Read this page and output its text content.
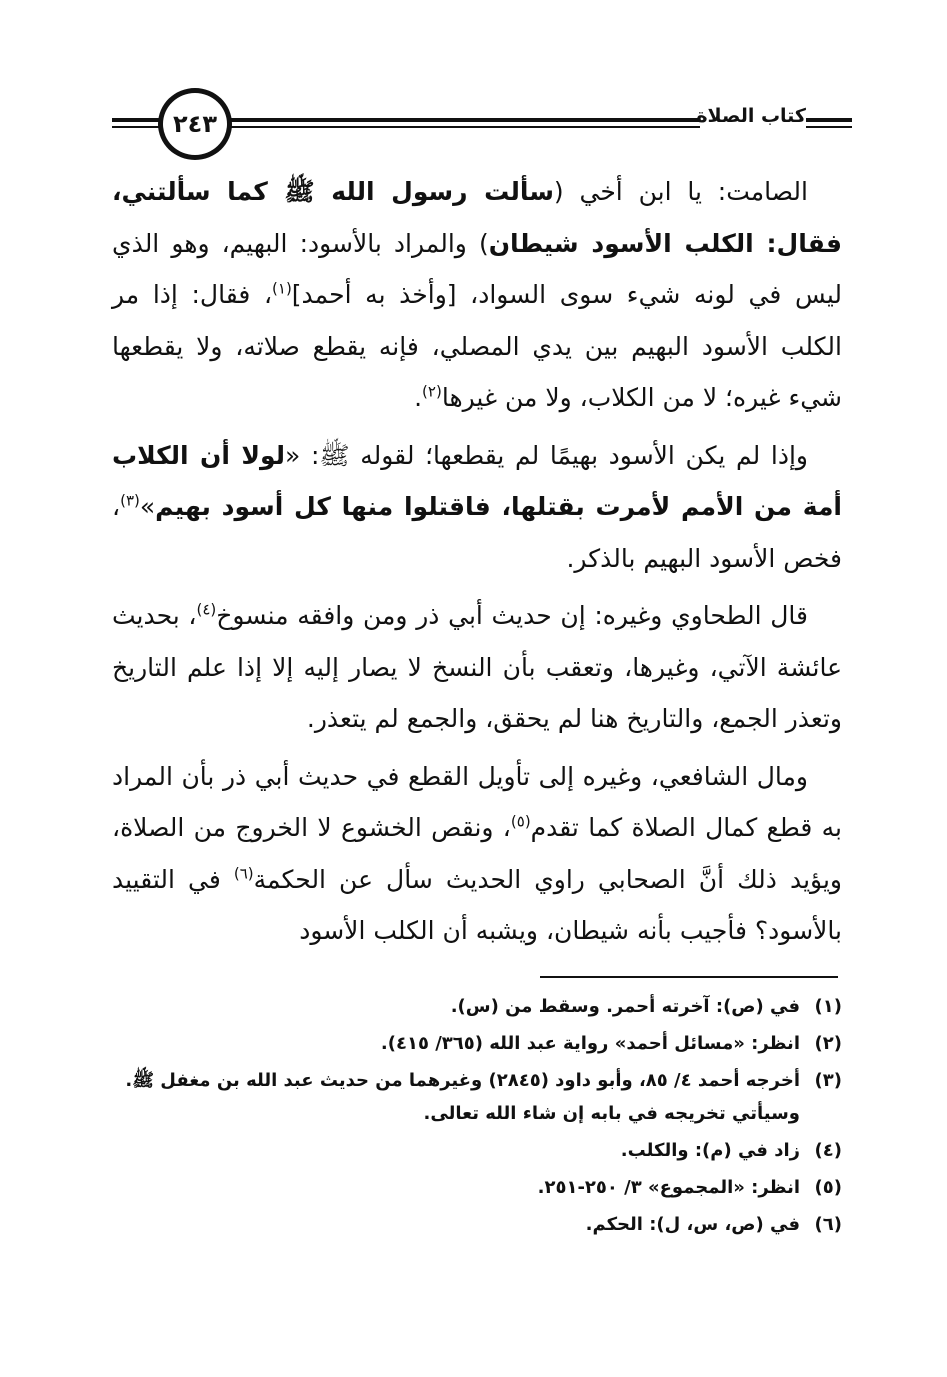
٢٤٣	كتاب الصلاة

الصامت: يا ابن أخي (سألت رسول الله ﷺ كما سألتني، فقال: الكلب الأسود شيطان) والمراد بالأسود: البهيم، وهو الذي ليس في لونه شيء سوى السواد، [وأخذ به أحمد]$^{(١)}$، فقال: إذا مر الكلب الأسود البهيم بين يدي المصلي، فإنه يقطع صلاته، ولا يقطعها شيء غيره؛ لا من الكلاب، ولا من غيرها$^{(٢)}$.

وإذا لم يكن الأسود بهيمًا لم يقطعها؛ لقوله ﷺ: «لولا أن الكلاب أمة من الأمم لأمرت بقتلها، فاقتلوا منها كل أسود بهيم»$^{(٣)}$، فخص الأسود البهيم بالذكر.

قال الطحاوي وغيره: إن حديث أبي ذر ومن وافقه منسوخ$^{(٤)}$، بحديث عائشة الآتي، وغيرها، وتعقب بأن النسخ لا يصار إليه إلا إذا علم التاريخ وتعذر الجمع، والتاريخ هنا لم يحقق، والجمع لم يتعذر.

ومال الشافعي، وغيره إلى تأويل القطع في حديث أبي ذر بأن المراد به قطع كمال الصلاة كما تقدم$^{(٥)}$، ونقص الخشوع لا الخروج من الصلاة، ويؤيد ذلك أنَّ الصحابي راوي الحديث سأل عن الحكمة$^{(٦)}$ في التقييد بالأسود؟ فأجيب بأنه شيطان، ويشبه أن الكلب الأسود

(١)
في (ص): آخرته أحمر. وسقط من (س).
(٢)
انظر: «مسائل أحمد» رواية عبد الله (٣٦٥/ ٤١٥).
(٣)
أخرجه أحمد ٤/ ٨٥، وأبو داود (٢٨٤٥) وغيرهما من حديث عبد الله بن مغفل ﷺ. وسيأتي تخريجه في بابه إن شاء الله تعالى.
(٤)
زاد في (م): والكلب.
(٥)
انظر: «المجموع» ٣/ ٢٥٠-٢٥١.
(٦)
في (ص، س، ل): الحكم.
